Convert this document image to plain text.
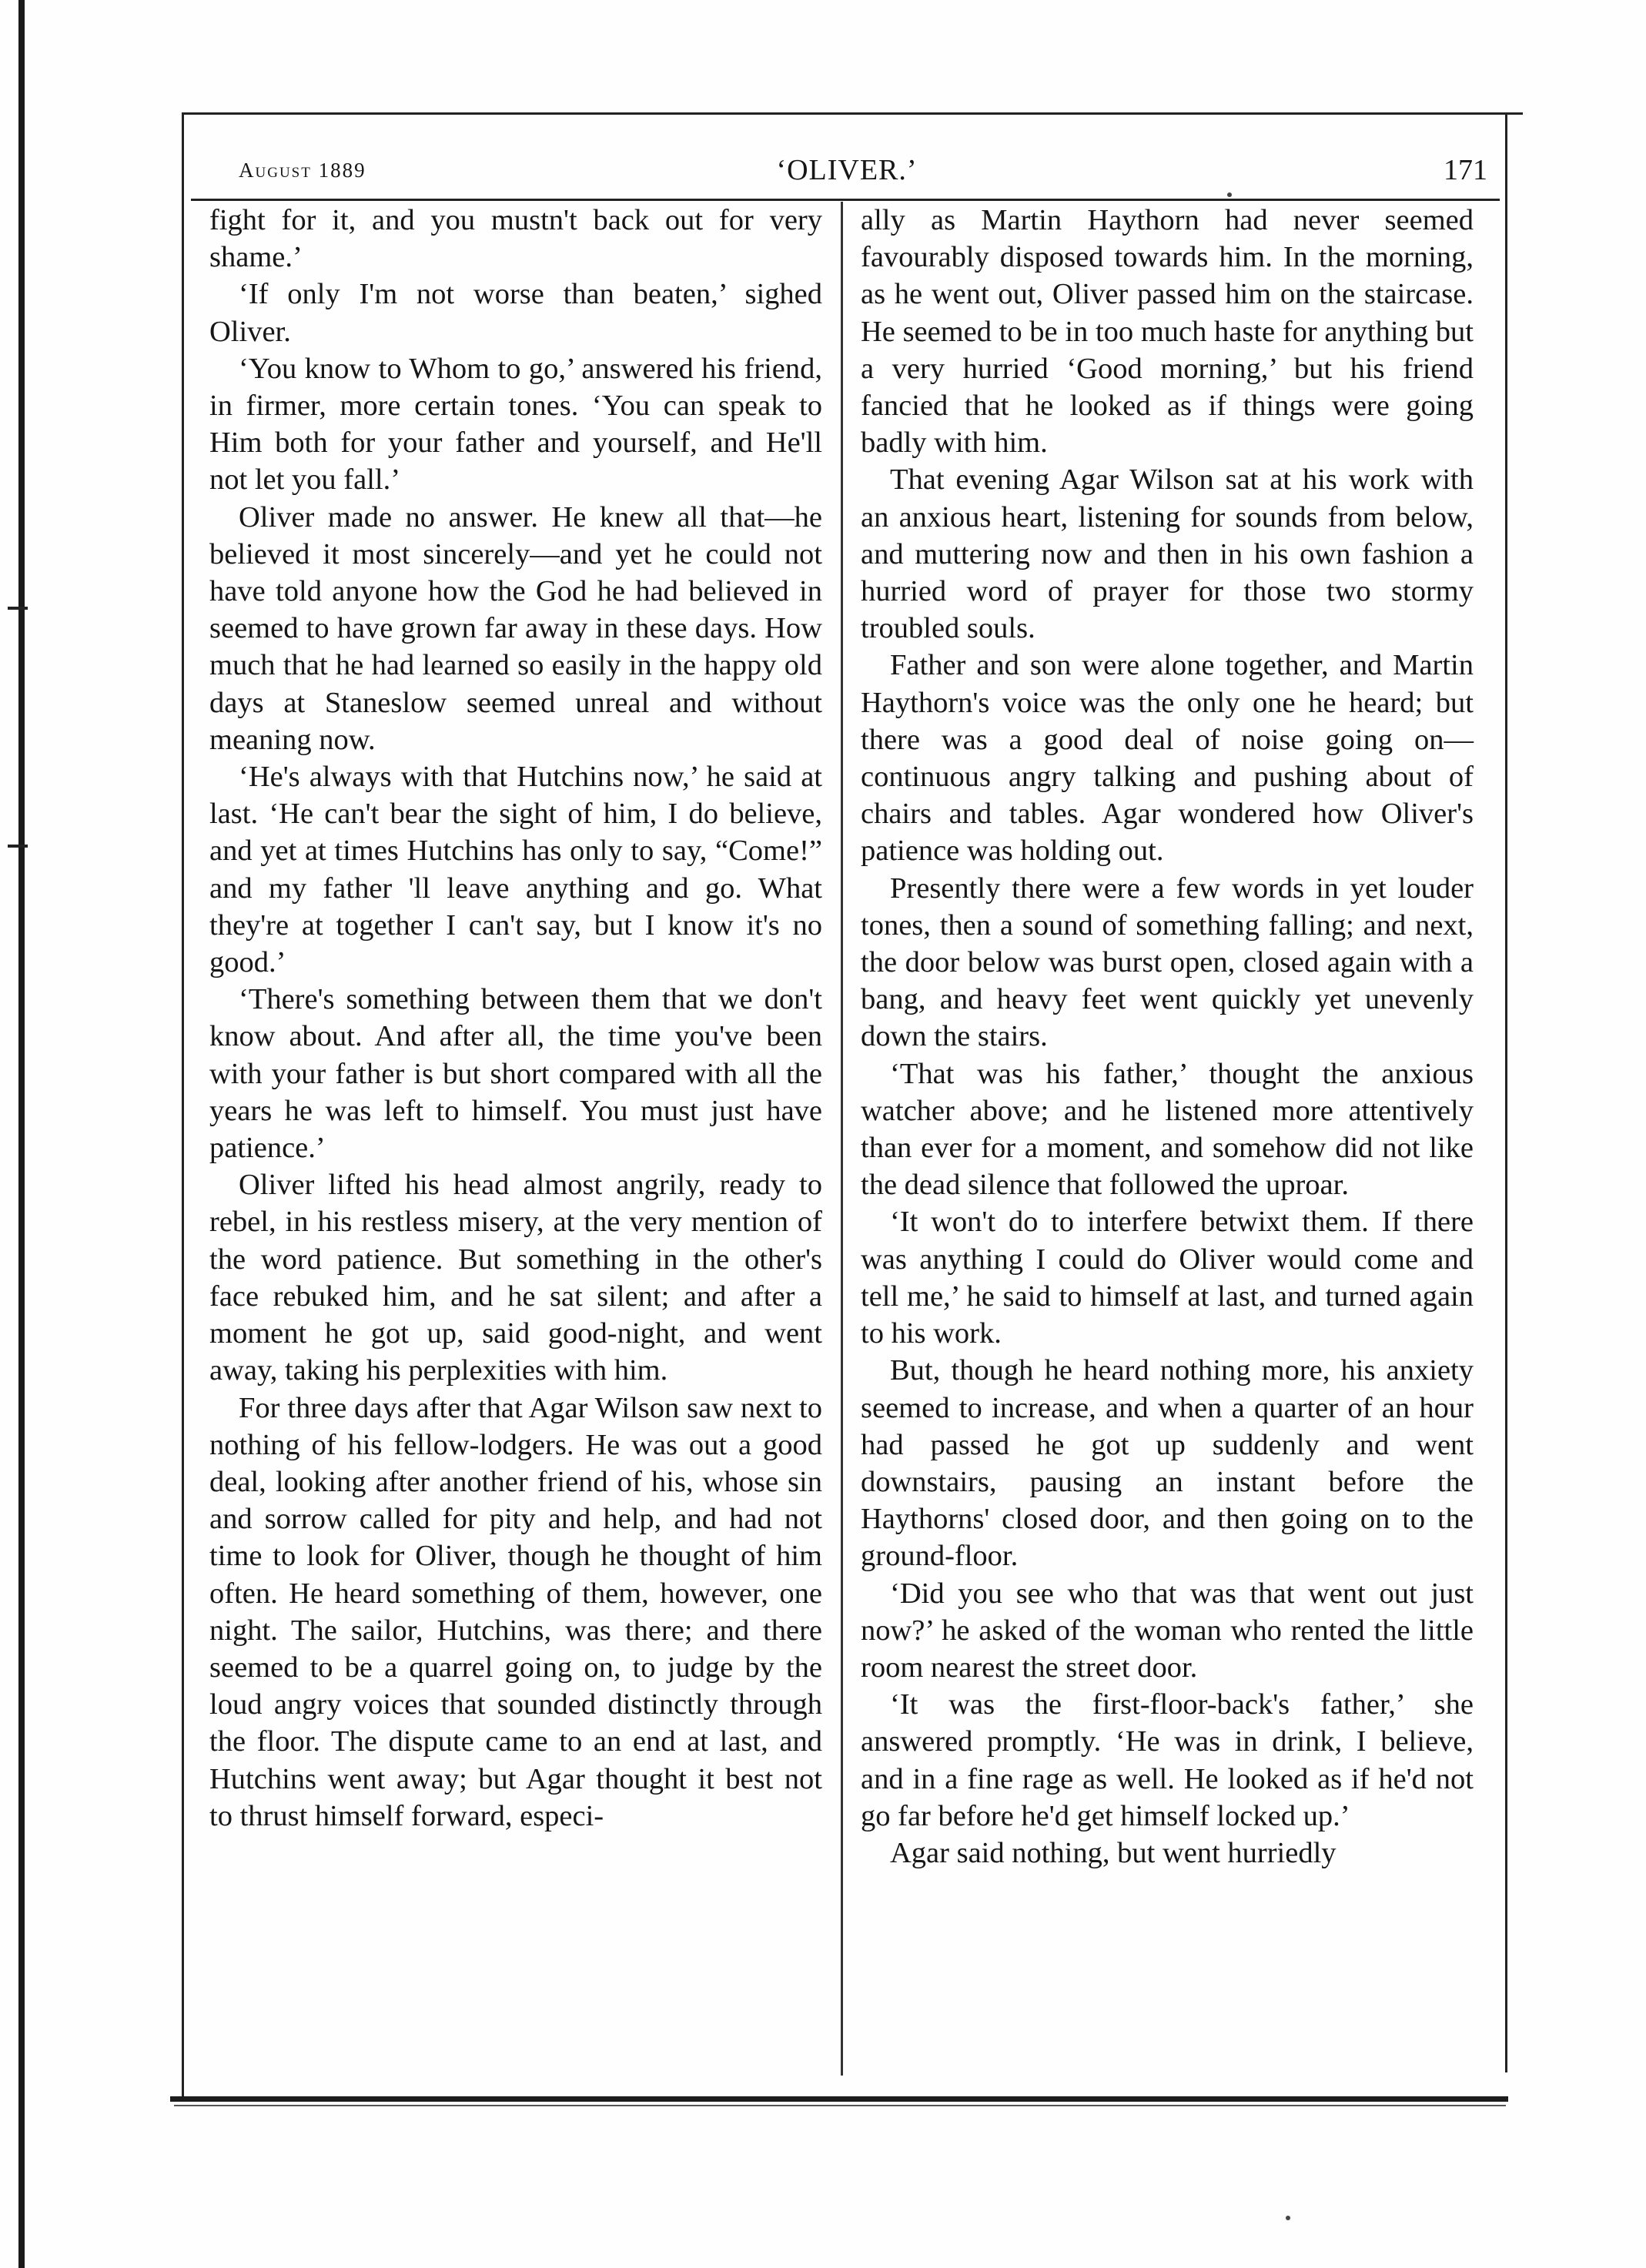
‘OLIVER.’
August 1889	171

fight for it, and you mustn't back out for very shame.’

‘If only I'm not worse than beaten,’ sighed Oliver.

‘You know to Whom to go,’ answered his friend, in firmer, more certain tones. ‘You can speak to Him both for your father and yourself, and He'll not let you fall.’

Oliver made no answer. He knew all that—he believed it most sincerely—and yet he could not have told anyone how the God he had believed in seemed to have grown far away in these days. How much that he had learned so easily in the happy old days at Staneslow seemed unreal and without meaning now.

‘He's always with that Hutchins now,’ he said at last. ‘He can't bear the sight of him, I do believe, and yet at times Hutchins has only to say, “Come!” and my father 'll leave anything and go. What they're at together I can't say, but I know it's no good.’

‘There's something between them that we don't know about. And after all, the time you've been with your father is but short compared with all the years he was left to himself. You must just have patience.’

Oliver lifted his head almost angrily, ready to rebel, in his restless misery, at the very mention of the word patience. But something in the other's face rebuked him, and he sat silent; and after a moment he got up, said good-night, and went away, taking his perplexities with him.

For three days after that Agar Wilson saw next to nothing of his fellow-lodgers. He was out a good deal, looking after another friend of his, whose sin and sorrow called for pity and help, and had not time to look for Oliver, though he thought of him often. He heard something of them, however, one night. The sailor, Hutchins, was there; and there seemed to be a quarrel going on, to judge by the loud angry voices that sounded distinctly through the floor. The dispute came to an end at last, and Hutchins went away; but Agar thought it best not to thrust himself forward, especi-

ally as Martin Haythorn had never seemed favourably disposed towards him. In the morning, as he went out, Oliver passed him on the staircase. He seemed to be in too much haste for anything but a very hurried ‘Good morning,’ but his friend fancied that he looked as if things were going badly with him.

That evening Agar Wilson sat at his work with an anxious heart, listening for sounds from below, and muttering now and then in his own fashion a hurried word of prayer for those two stormy troubled souls.

Father and son were alone together, and Martin Haythorn's voice was the only one he heard; but there was a good deal of noise going on—continuous angry talking and pushing about of chairs and tables. Agar wondered how Oliver's patience was holding out.

Presently there were a few words in yet louder tones, then a sound of something falling; and next, the door below was burst open, closed again with a bang, and heavy feet went quickly yet unevenly down the stairs.

‘That was his father,’ thought the anxious watcher above; and he listened more attentively than ever for a moment, and somehow did not like the dead silence that followed the uproar.

‘It won't do to interfere betwixt them. If there was anything I could do Oliver would come and tell me,’ he said to himself at last, and turned again to his work.

But, though he heard nothing more, his anxiety seemed to increase, and when a quarter of an hour had passed he got up suddenly and went downstairs, pausing an instant before the Haythorns' closed door, and then going on to the ground-floor.

‘Did you see who that was that went out just now?’ he asked of the woman who rented the little room nearest the street door.

‘It was the first-floor-back's father,’ she answered promptly. ‘He was in drink, I believe, and in a fine rage as well. He looked as if he'd not go far before he'd get himself locked up.’

Agar said nothing, but went hurriedly
